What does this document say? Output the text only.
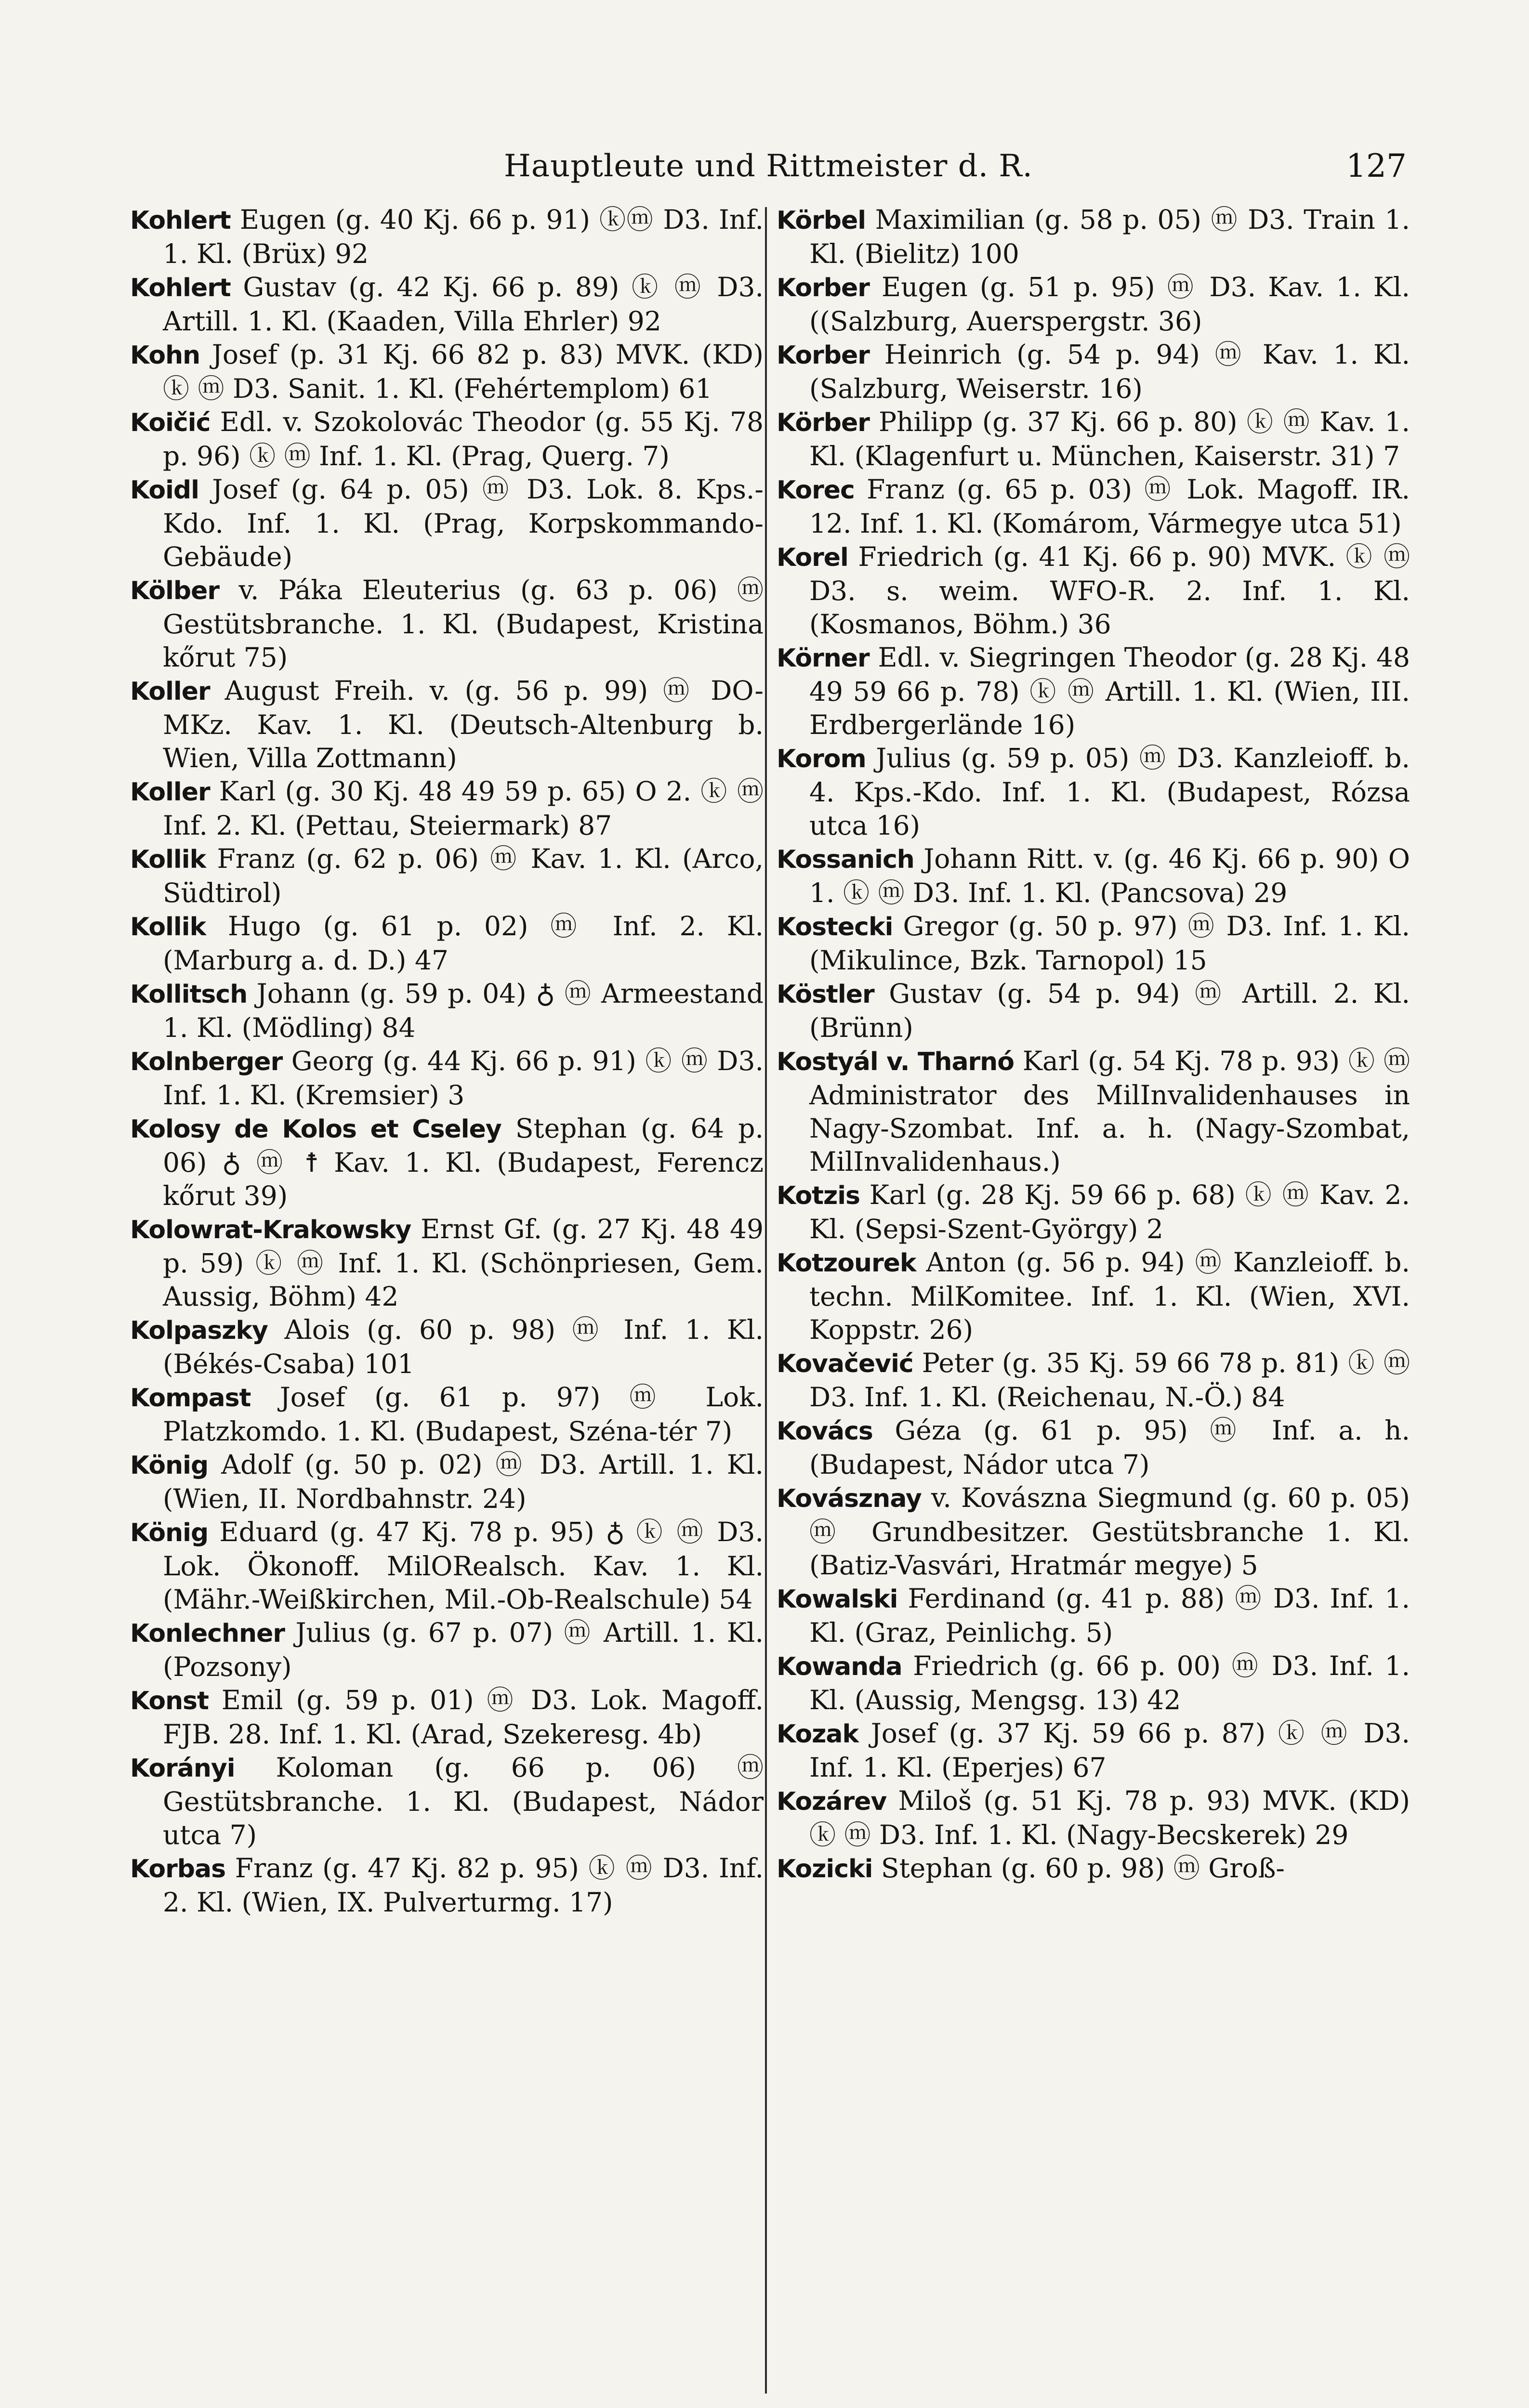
Hauptleute und Rittmeister d. R.	127

Kohlert Eugen (g. 40 Kj. 66 p. 91) ⓚⓜ D3. Inf. 1. Kl. (Brüx) 92

Kohlert Gustav (g. 42 Kj. 66 p. 89) ⓚ ⓜ D3. Artill. 1. Kl. (Kaaden, Villa Ehrler) 92

Kohn Josef (p. 31 Kj. 66 82 p. 83) MVK. (KD) ⓚ ⓜ D3. Sanit. 1. Kl. (Fehértemplom) 61

Koičić Edl. v. Szokolovác Theodor (g. 55 Kj. 78 p. 96) ⓚ ⓜ Inf. 1. Kl. (Prag, Querg. 7)

Koidl Josef (g. 64 p. 05) ⓜ D3. Lok. 8. Kps.-Kdo. Inf. 1. Kl. (Prag, Korpskommando-Gebäude)

Kölber v. Páka Eleuterius (g. 63 p. 06) ⓜ Gestütsbranche. 1. Kl. (Budapest, Kristina kőrut 75)

Koller August Freih. v. (g. 56 p. 99) ⓜ DO-MKz. Kav. 1. Kl. (Deutsch-Altenburg b. Wien, Villa Zottmann)

Koller Karl (g. 30 Kj. 48 49 59 p. 65) O 2. ⓚ ⓜ Inf. 2. Kl. (Pettau, Steiermark) 87

Kollik Franz (g. 62 p. 06) ⓜ Kav. 1. Kl. (Arco, Südtirol)

Kollik Hugo (g. 61 p. 02) ⓜ Inf. 2. Kl. (Marburg a. d. D.) 47

Kollitsch Johann (g. 59 p. 04) ♁ ⓜ Armeestand 1. Kl. (Mödling) 84

Kolnberger Georg (g. 44 Kj. 66 p. 91) ⓚ ⓜ D3. Inf. 1. Kl. (Kremsier) 3

Kolosy de Kolos et Cseley Stephan (g. 64 p. 06) ♁ ⓜ ☨ Kav. 1. Kl. (Budapest, Ferencz kőrut 39)

Kolowrat-Krakowsky Ernst Gf. (g. 27 Kj. 48 49 p. 59) ⓚ ⓜ Inf. 1. Kl. (Schönpriesen, Gem. Aussig, Böhm) 42

Kolpaszky Alois (g. 60 p. 98) ⓜ Inf. 1. Kl. (Békés-Csaba) 101

Kompast Josef (g. 61 p. 97) ⓜ Lok. Platzkomdo. 1. Kl. (Budapest, Széna-tér 7)

König Adolf (g. 50 p. 02) ⓜ D3. Artill. 1. Kl. (Wien, II. Nordbahnstr. 24)

König Eduard (g. 47 Kj. 78 p. 95) ♁ ⓚ ⓜ D3. Lok. Ökonoff. MilORealsch. Kav. 1. Kl. (Mähr.-Weißkirchen, Mil.-Ob-Realschule) 54

Konlechner Julius (g. 67 p. 07) ⓜ Artill. 1. Kl. (Pozsony)

Konst Emil (g. 59 p. 01) ⓜ D3. Lok. Magoff. FJB. 28. Inf. 1. Kl. (Arad, Szekeresg. 4b)

Korányi Koloman (g. 66 p. 06) ⓜ Gestütsbranche. 1. Kl. (Budapest, Nádor utca 7)

Korbas Franz (g. 47 Kj. 82 p. 95) ⓚ ⓜ D3. Inf. 2. Kl. (Wien, IX. Pulverturmg. 17)

Körbel Maximilian (g. 58 p. 05) ⓜ D3. Train 1. Kl. (Bielitz) 100

Korber Eugen (g. 51 p. 95) ⓜ D3. Kav. 1. Kl. ((Salzburg, Auerspergstr. 36)

Korber Heinrich (g. 54 p. 94) ⓜ Kav. 1. Kl. (Salzburg, Weiserstr. 16)

Körber Philipp (g. 37 Kj. 66 p. 80) ⓚ ⓜ Kav. 1. Kl. (Klagenfurt u. München, Kaiserstr. 31) 7

Korec Franz (g. 65 p. 03) ⓜ Lok. Magoff. IR. 12. Inf. 1. Kl. (Komárom, Vármegye utca 51)

Korel Friedrich (g. 41 Kj. 66 p. 90) MVK. ⓚ ⓜ D3. s. weim. WFO-R. 2. Inf. 1. Kl. (Kosmanos, Böhm.) 36

Körner Edl. v. Siegringen Theodor (g. 28 Kj. 48 49 59 66 p. 78) ⓚ ⓜ Artill. 1. Kl. (Wien, III. Erdbergerlände 16)

Korom Julius (g. 59 p. 05) ⓜ D3. Kanzleioff. b. 4. Kps.-Kdo. Inf. 1. Kl. (Budapest, Rózsa utca 16)

Kossanich Johann Ritt. v. (g. 46 Kj. 66 p. 90) O 1. ⓚ ⓜ D3. Inf. 1. Kl. (Pancsova) 29

Kostecki Gregor (g. 50 p. 97) ⓜ D3. Inf. 1. Kl. (Mikulince, Bzk. Tarnopol) 15

Köstler Gustav (g. 54 p. 94) ⓜ Artill. 2. Kl. (Brünn)

Kostyál v. Tharnó Karl (g. 54 Kj. 78 p. 93) ⓚ ⓜ Administrator des MilInvalidenhauses in Nagy-Szombat. Inf. a. h. (Nagy-Szombat, MilInvalidenhaus.)

Kotzis Karl (g. 28 Kj. 59 66 p. 68) ⓚ ⓜ Kav. 2. Kl. (Sepsi-Szent-György) 2

Kotzourek Anton (g. 56 p. 94) ⓜ Kanzleioff. b. techn. MilKomitee. Inf. 1. Kl. (Wien, XVI. Koppstr. 26)

Kovačević Peter (g. 35 Kj. 59 66 78 p. 81) ⓚ ⓜ D3. Inf. 1. Kl. (Reichenau, N.-Ö.) 84

Kovács Géza (g. 61 p. 95) ⓜ Inf. a. h. (Budapest, Nádor utca 7)

Kovásznay v. Kovászna Siegmund (g. 60 p. 05) ⓜ Grundbesitzer. Gestütsbranche 1. Kl. (Batiz-Vasvári, Hratmár megye) 5

Kowalski Ferdinand (g. 41 p. 88) ⓜ D3. Inf. 1. Kl. (Graz, Peinlichg. 5)

Kowanda Friedrich (g. 66 p. 00) ⓜ D3. Inf. 1. Kl. (Aussig, Mengsg. 13) 42

Kozak Josef (g. 37 Kj. 59 66 p. 87) ⓚ ⓜ D3. Inf. 1. Kl. (Eperjes) 67

Kozárev Miloš (g. 51 Kj. 78 p. 93) MVK. (KD) ⓚ ⓜ D3. Inf. 1. Kl. (Nagy-Becskerek) 29

Kozicki Stephan (g. 60 p. 98) ⓜ Groß-
